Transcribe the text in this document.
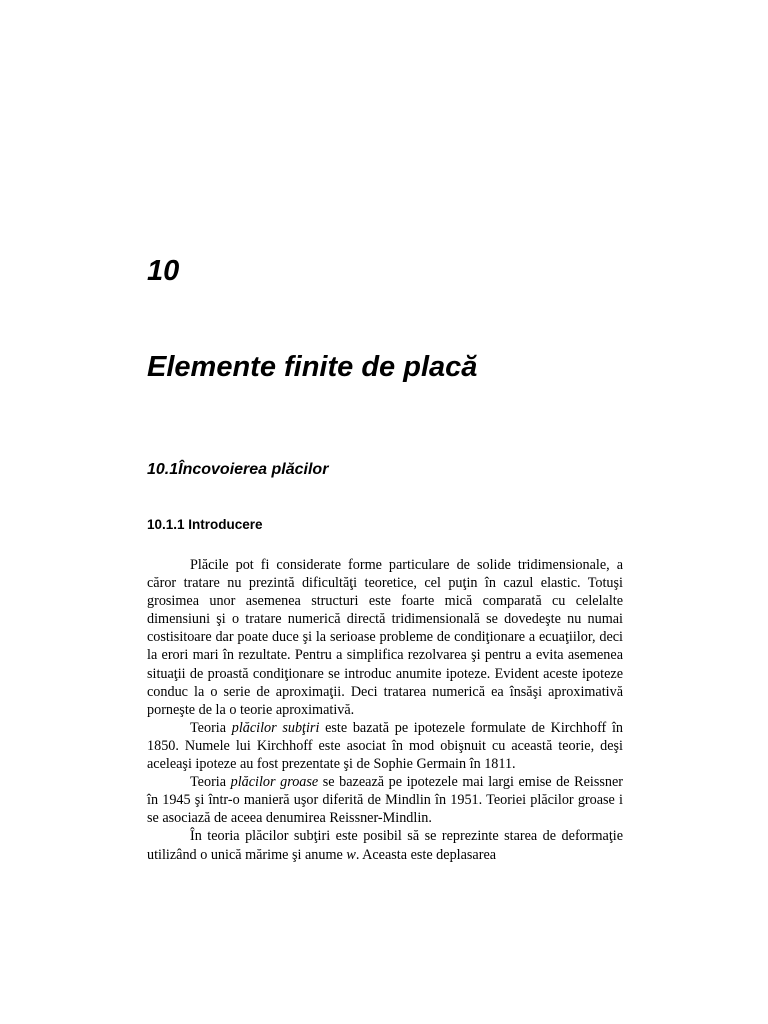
10
Elemente finite de placă
10.1Încovoierea plăcilor
10.1.1 Introducere

Plăcile pot fi considerate forme particulare de solide tridimensionale, a căror tratare nu prezintă dificultăţi teoretice, cel puţin în cazul elastic. Totuşi grosimea unor asemenea structuri este foarte mică comparată cu celelalte dimensiuni şi o tratare numerică directă tridimensională se dovedeşte nu numai costisitoare dar poate duce şi la serioase probleme de condiţionare a ecuaţiilor, deci la erori mari în rezultate. Pentru a simplifica rezolvarea şi pentru a evita asemenea situaţii de proastă condiţionare se introduc anumite ipoteze. Evident aceste ipoteze conduc la o serie de aproximaţii. Deci tratarea numerică ea însăşi aproximativă porneşte de la o teorie aproximativă.

Teoria plăcilor subţiri este bazată pe ipotezele formulate de Kirchhoff în 1850. Numele lui Kirchhoff este asociat în mod obişnuit cu această teorie, deşi aceleaşi ipoteze au fost prezentate şi de Sophie Germain în 1811.

Teoria plăcilor groase se bazează pe ipotezele mai largi emise de Reissner în 1945 şi într-o manieră uşor diferită de Mindlin în 1951. Teoriei plăcilor groase i se asociază de aceea denumirea Reissner-Mindlin.

În teoria plăcilor subţiri este posibil să se reprezinte starea de deformaţie utilizând o unică mărime şi anume w. Aceasta este deplasarea
